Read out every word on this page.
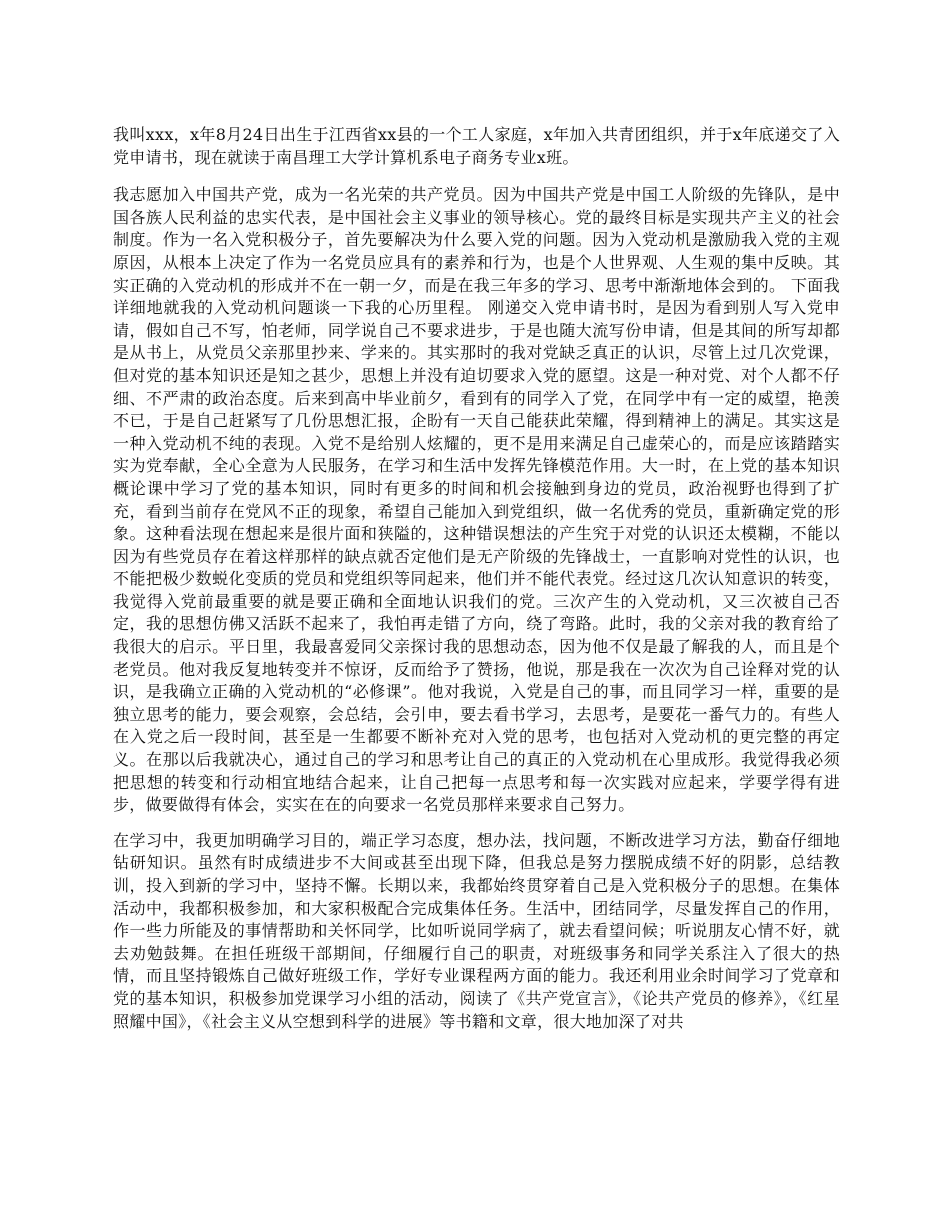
我叫xxx，x年8月24日出生于江西省xx县的一个工人家庭，x年加入共青团组织，并于x年底递交了入党申请书，现在就读于南昌理工大学计算机系电子商务专业x班。

我志愿加入中国共产党，成为一名光荣的共产党员。因为中国共产党是中国工人阶级的先锋队，是中国各族人民利益的忠实代表，是中国社会主义事业的领导核心。党的最终目标是实现共产主义的社会制度。作为一名入党积极分子，首先要解决为什么要入党的问题。因为入党动机是激励我入党的主观原因，从根本上决定了作为一名党员应具有的素养和行为，也是个人世界观、人生观的集中反映。其实正确的入党动机的形成并不在一朝一夕，而是在我三年多的学习、思考中渐渐地体会到的。 下面我详细地就我的入党动机问题谈一下我的心历里程。 刚递交入党申请书时，是因为看到别人写入党申请，假如自己不写，怕老师，同学说自己不要求进步，于是也随大流写份申请，但是其间的所写却都是从书上，从党员父亲那里抄来、学来的。其实那时的我对党缺乏真正的认识，尽管上过几次党课，但对党的基本知识还是知之甚少，思想上并没有迫切要求入党的愿望。这是一种对党、对个人都不仔细、不严肃的政治态度。后来到高中毕业前夕，看到有的同学入了党，在同学中有一定的威望，艳羡不已，于是自己赶紧写了几份思想汇报，企盼有一天自己能获此荣耀，得到精神上的满足。其实这是一种入党动机不纯的表现。入党不是给别人炫耀的，更不是用来满足自己虚荣心的，而是应该踏踏实实为党奉献，全心全意为人民服务，在学习和生活中发挥先锋模范作用。大一时，在上党的基本知识概论课中学习了党的基本知识，同时有更多的时间和机会接触到身边的党员，政治视野也得到了扩充，看到当前存在党风不正的现象，希望自己能加入到党组织，做一名优秀的党员，重新确定党的形象。这种看法现在想起来是很片面和狭隘的，这种错误想法的产生究于对党的认识还太模糊，不能以因为有些党员存在着这样那样的缺点就否定他们是无产阶级的先锋战士，一直影响对党性的认识，也不能把极少数蜕化变质的党员和党组织等同起来，他们并不能代表党。经过这几次认知意识的转变，我觉得入党前最重要的就是要正确和全面地认识我们的党。三次产生的入党动机，又三次被自己否定，我的思想仿佛又活跃不起来了，我怕再走错了方向，绕了弯路。此时，我的父亲对我的教育给了我很大的启示。平日里，我最喜爱同父亲探讨我的思想动态，因为他不仅是最了解我的人，而且是个老党员。他对我反复地转变并不惊讶，反而给予了赞扬，他说，那是我在一次次为自己诠释对党的认识，是我确立正确的入党动机的“必修课”。他对我说，入党是自己的事，而且同学习一样，重要的是独立思考的能力，要会观察，会总结，会引申，要去看书学习，去思考，是要花一番气力的。有些人在入党之后一段时间，甚至是一生都要不断补充对入党的思考，也包括对入党动机的更完整的再定义。在那以后我就决心，通过自己的学习和思考让自己的真正的入党动机在心里成形。我觉得我必须把思想的转变和行动相宜地结合起来，让自己把每一点思考和每一次实践对应起来，学要学得有进步，做要做得有体会，实实在在的向要求一名党员那样来要求自己努力。

在学习中，我更加明确学习目的，端正学习态度，想办法，找问题，不断改进学习方法，勤奋仔细地钻研知识。虽然有时成绩进步不大间或甚至出现下降，但我总是努力摆脱成绩不好的阴影，总结教训，投入到新的学习中，坚持不懈。长期以来，我都始终贯穿着自己是入党积极分子的思想。在集体活动中，我都积极参加，和大家积极配合完成集体任务。生活中，团结同学，尽量发挥自己的作用，作一些力所能及的事情帮助和关怀同学，比如听说同学病了，就去看望问候；听说朋友心情不好，就去劝勉鼓舞。在担任班级干部期间，仔细履行自己的职责，对班级事务和同学关系注入了很大的热情，而且坚持锻炼自己做好班级工作，学好专业课程两方面的能力。我还利用业余时间学习了党章和党的基本知识，积极参加党课学习小组的活动，阅读了《共产党宣言》，《论共产党员的修养》，《红星照耀中国》，《社会主义从空想到科学的进展》等书籍和文章，很大地加深了对共
